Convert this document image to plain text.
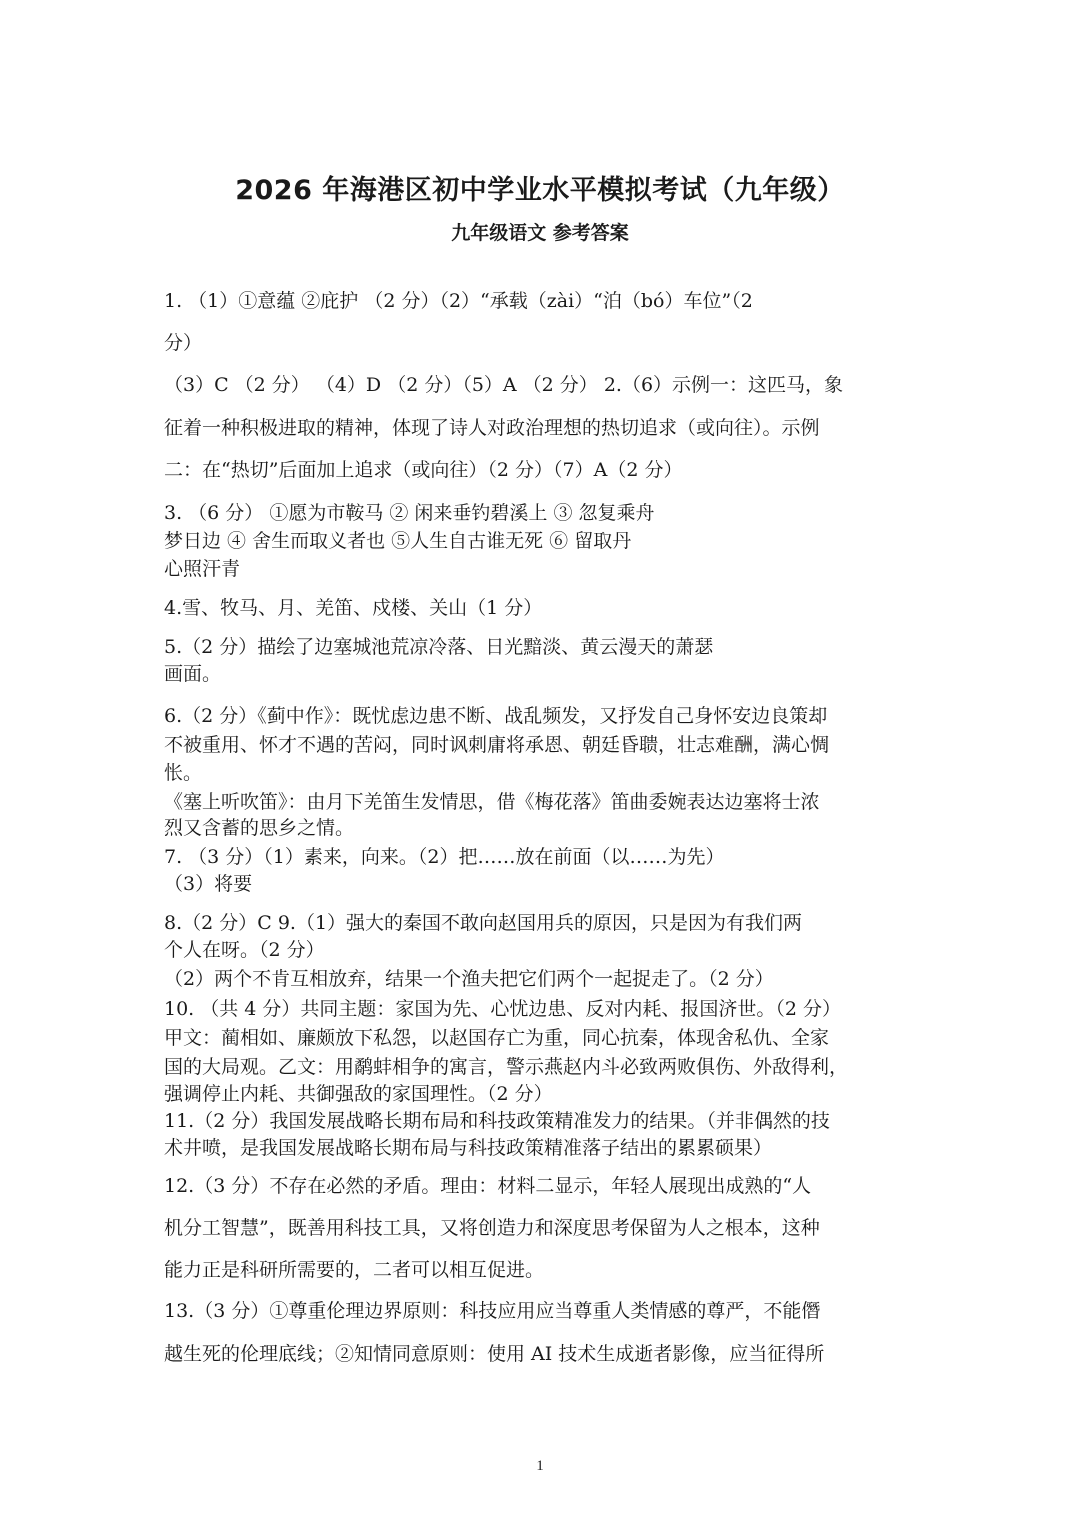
2026 年海港区初中学业水平模拟考试（九年级）
九年级语文 参考答案
1. （1）①意蕴 ②庇护 （2 分）（2）“承载（zài）“泊（bó）车位”（2
分）
（3）C （2 分） （4）D （2 分）（5）A （2 分） 2.（6）示例一：这匹马，象
征着一种积极进取的精神，体现了诗人对政治理想的热切追求（或向往）。示例
二：在“热切”后面加上追求（或向往）（2 分）（7）A（2 分）
3. （6 分） ①愿为市鞍马 ② 闲来垂钓碧溪上 ③ 忽复乘舟
梦日边 ④ 舍生而取义者也 ⑤人生自古谁无死 ⑥ 留取丹
心照汗青
4.雪、牧马、月、羌笛、戍楼、关山（1 分）
5.（2 分）描绘了边塞城池荒凉冷落、日光黯淡、黄云漫天的萧瑟
画面。
6.（2 分）《蓟中作》：既忧虑边患不断、战乱频发，又抒发自己身怀安边良策却
不被重用、怀才不遇的苦闷，同时讽刺庸将承恩、朝廷昏聩，壮志难酬，满心惆
怅。
《塞上听吹笛》：由月下羌笛生发情思，借《梅花落》笛曲委婉表达边塞将士浓
烈又含蓄的思乡之情。
7. （3 分）（1）素来，向来。（2）把……放在前面（以……为先）
（3）将要
8.（2 分）C 9.（1）强大的秦国不敢向赵国用兵的原因，只是因为有我们两
个人在呀。（2 分）
（2）两个不肯互相放弃，结果一个渔夫把它们两个一起捉走了。（2 分）
10. （共 4 分）共同主题：家国为先、心忧边患、反对内耗、报国济世。（2 分）
甲文：蔺相如、廉颇放下私怨，以赵国存亡为重，同心抗秦，体现舍私仇、全家
国的大局观。乙文：用鹬蚌相争的寓言，警示燕赵内斗必致两败俱伤、外敌得利，
强调停止内耗、共御强敌的家国理性。（2 分）
11.（2 分）我国发展战略长期布局和科技政策精准发力的结果。（并非偶然的技
术井喷，是我国发展战略长期布局与科技政策精准落子结出的累累硕果）
12.（3 分）不存在必然的矛盾。理由：材料二显示，年轻人展现出成熟的“人
机分工智慧”，既善用科技工具，又将创造力和深度思考保留为人之根本，这种
能力正是科研所需要的，二者可以相互促进。
13.（3 分）①尊重伦理边界原则：科技应用应当尊重人类情感的尊严，不能僭
越生死的伦理底线；②知情同意原则：使用 AI 技术生成逝者影像，应当征得所
1
